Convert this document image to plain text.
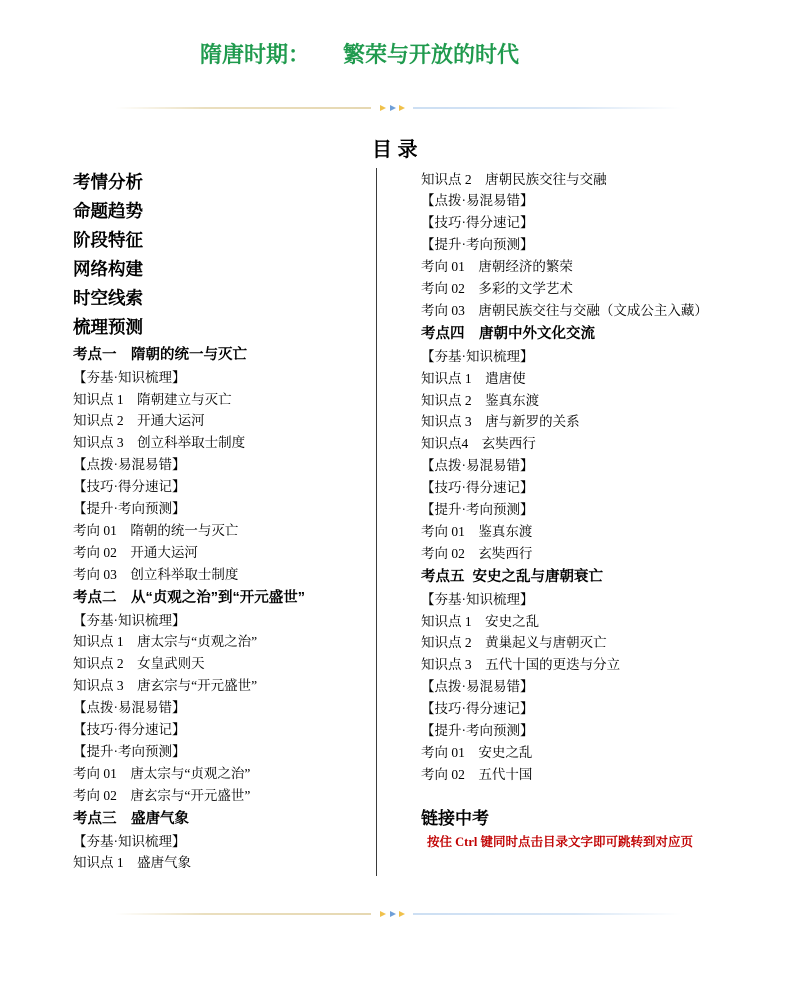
隋唐时期： 繁荣与开放的时代
目 录
考情分析
命题趋势
阶段特征
网络构建
时空线索
梳理预测
考点一　隋朝的统一与灭亡
【夯基·知识梳理】
知识点 1　隋朝建立与灭亡
知识点 2　开通大运河
知识点 3　创立科举取士制度
【点拨·易混易错】
【技巧·得分速记】
【提升·考向预测】
考向 01　隋朝的统一与灭亡
考向 02　开通大运河
考向 03　创立科举取士制度
考点二　从“贞观之治”到“开元盛世”
【夯基·知识梳理】
知识点 1　唐太宗与“贞观之治”
知识点 2　女皇武则天
知识点 3　唐玄宗与“开元盛世”
【点拨·易混易错】
【技巧·得分速记】
【提升·考向预测】
考向 01　唐太宗与“贞观之治”
考向 02　唐玄宗与“开元盛世”
考点三　盛唐气象
【夯基·知识梳理】
知识点 1　盛唐气象
知识点 2　唐朝民族交往与交融
【点拨·易混易错】
【技巧·得分速记】
【提升·考向预测】
考向 01　唐朝经济的繁荣
考向 02　多彩的文学艺术
考向 03　唐朝民族交往与交融（文成公主入藏）
考点四　唐朝中外文化交流
【夯基·知识梳理】
知识点 1　遣唐使
知识点 2　鉴真东渡
知识点 3　唐与新罗的关系
知识点4　玄奘西行
【点拨·易混易错】
【技巧·得分速记】
【提升·考向预测】
考向 01　鉴真东渡
考向 02　玄奘西行
考点五  安史之乱与唐朝衰亡
【夯基·知识梳理】
知识点 1　安史之乱
知识点 2　黄巢起义与唐朝灭亡
知识点 3　五代十国的更迭与分立
【点拨·易混易错】
【技巧·得分速记】
【提升·考向预测】
考向 01　安史之乱
考向 02　五代十国
链接中考
按住 Ctrl 键同时点击目录文字即可跳转到对应页
